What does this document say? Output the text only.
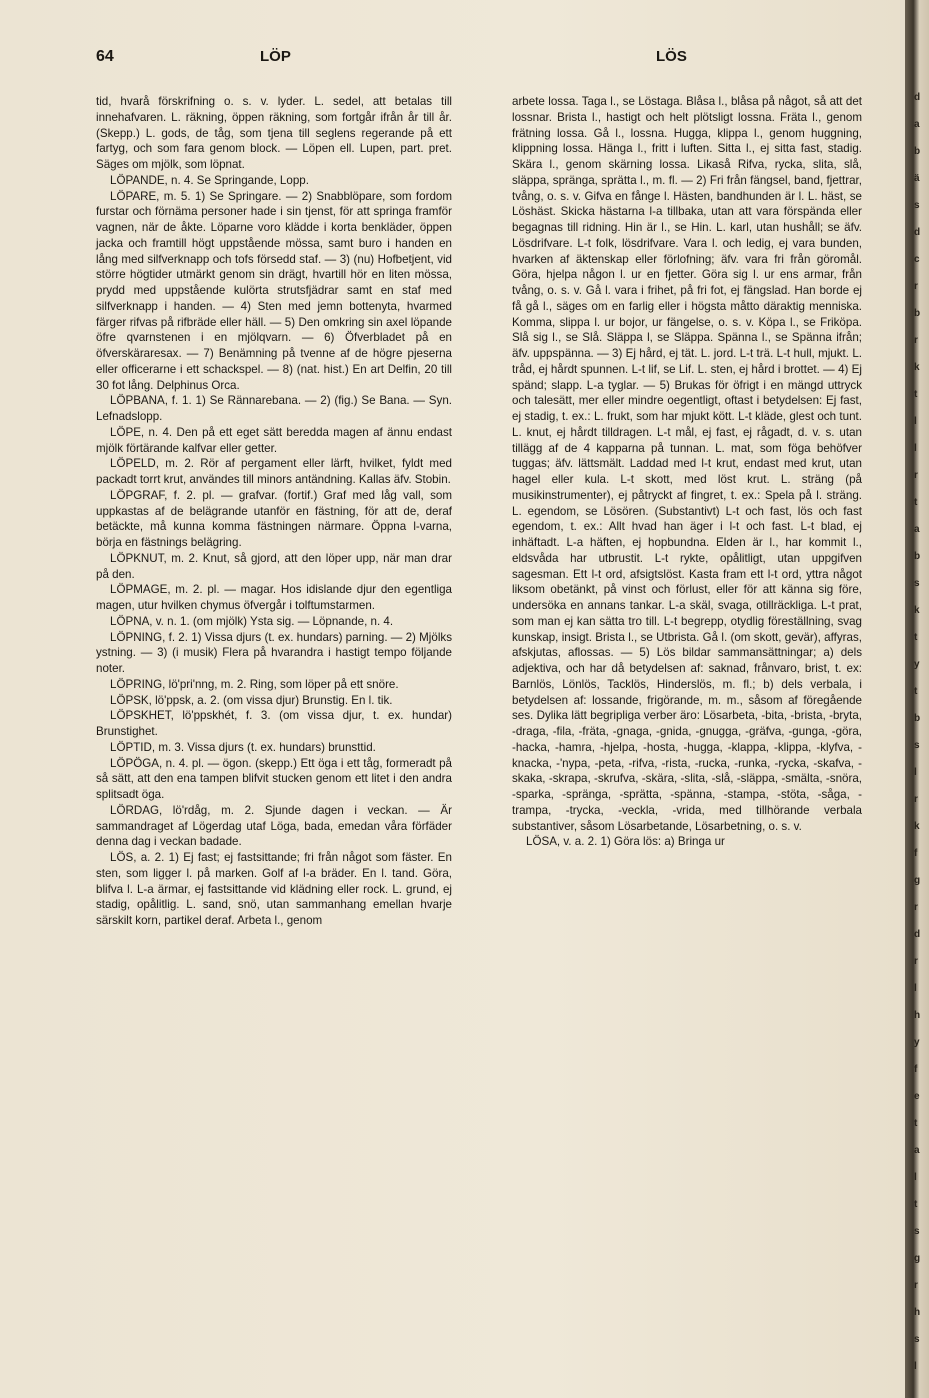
64	LÖP	LÖS

tid, hvarå förskrifning o. s. v. lyder. L. sedel, att betalas till innehafvaren. L. räkning, öppen räkning, som fortgår ifrån år till år. (Skepp.) L. gods, de tåg, som tjena till seglens regerande på ett fartyg, och som fara genom block. — Löpen ell. Lupen, part. pret. Säges om mjölk, som löpnat.

LÖPANDE, n. 4. Se Springande, Lopp.

LÖPARE, m. 5. 1) Se Springare. — 2) Snabblöpare, som fordom furstar och förnäma personer hade i sin tjenst, för att springa framför vagnen, när de åkte. Löparne voro klädde i korta benkläder, öppen jacka och framtill högt uppstående mössa, samt buro i handen en lång med silfverknapp och tofs försedd staf. — 3) (nu) Hofbetjent, vid större högtider utmärkt genom sin drägt, hvartill hör en liten mössa, prydd med uppstående kulörta strutsfjädrar samt en staf med silfverknapp i handen. — 4) Sten med jemn bottenyta, hvarmed färger rifvas på rifbräde eller häll. — 5) Den omkring sin axel löpande öfre qvarnstenen i en mjölqvarn. — 6) Öfverbladet på en öfverskäraresax. — 7) Benämning på tvenne af de högre pjeserna eller officerarne i ett schackspel. — 8) (nat. hist.) En art Delfin, 20 till 30 fot lång. Delphinus Orca.

LÖPBANA, f. 1. 1) Se Rännarebana. — 2) (fig.) Se Bana. — Syn. Lefnadslopp.

LÖPE, n. 4. Den på ett eget sätt beredda magen af ännu endast mjölk förtärande kalfvar eller getter.

LÖPELD, m. 2. Rör af pergament eller lärft, hvilket, fyldt med packadt torrt krut, användes till minors antändning. Kallas äfv. Stobin.

LÖPGRAF, f. 2. pl. — grafvar. (fortif.) Graf med låg vall, som uppkastas af de belägrande utanför en fästning, för att de, deraf betäckte, må kunna komma fästningen närmare. Öppna l-varna, börja en fästnings belägring.

LÖPKNUT, m. 2. Knut, så gjord, att den löper upp, när man drar på den.

LÖPMAGE, m. 2. pl. — magar. Hos idislande djur den egentliga magen, utur hvilken chymus öfvergår i tolftumstarmen.

LÖPNA, v. n. 1. (om mjölk) Ysta sig. — Löpnande, n. 4.

LÖPNING, f. 2. 1) Vissa djurs (t. ex. hundars) parning. — 2) Mjölks ystning. — 3) (i musik) Flera på hvarandra i hastigt tempo följande noter.

LÖPRING, lö'pri'nng, m. 2. Ring, som löper på ett snöre.

LÖPSK, lö'ppsk, a. 2. (om vissa djur) Brunstig. En l. tik.

LÖPSKHET, lö'ppskhét, f. 3. (om vissa djur, t. ex. hundar) Brunstighet.

LÖPTID, m. 3. Vissa djurs (t. ex. hundars) brunsttid.

LÖPÖGA, n. 4. pl. — ögon. (skepp.) Ett öga i ett tåg, formeradt på så sätt, att den ena tampen blifvit stucken genom ett litet i den andra splitsadt öga.

LÖRDAG, lö'rdåg, m. 2. Sjunde dagen i veckan. — Är sammandraget af Lögerdag utaf Löga, bada, emedan våra förfäder denna dag i veckan badade.

LÖS, a. 2. 1) Ej fast; ej fastsittande; fri från något som fäster. En sten, som ligger l. på marken. Golf af l-a bräder. En l. tand. Göra, blifva l. L-a ärmar, ej fastsittande vid klädning eller rock. L. grund, ej stadig, opålitlig. L. sand, snö, utan sammanhang emellan hvarje särskilt korn, partikel deraf. Arbeta l., genom

arbete lossa. Taga l., se Löstaga. Blåsa l., blåsa på något, så att det lossnar. Brista l., hastigt och helt plötsligt lossna. Fräta l., genom frätning lossa. Gå l., lossna. Hugga, klippa l., genom huggning, klippning lossa. Hänga l., fritt i luften. Sitta l., ej sitta fast, stadig. Skära l., genom skärning lossa. Likaså Rifva, rycka, slita, slå, släppa, spränga, sprätta l., m. fl. — 2) Fri från fängsel, band, fjettrar, tvång, o. s. v. Gifva en fånge l. Hästen, bandhunden är l. L. häst, se Löshäst. Skicka hästarna l-a tillbaka, utan att vara förspända eller begagnas till ridning. Hin är l., se Hin. L. karl, utan hushåll; se äfv. Lösdrifvare. L-t folk, lösdrifvare. Vara l. och ledig, ej vara bunden, hvarken af äktenskap eller förlofning; äfv. vara fri från göromål. Göra, hjelpa någon l. ur en fjetter. Göra sig l. ur ens armar, från tvång, o. s. v. Gå l. vara i frihet, på fri fot, ej fängslad. Han borde ej få gå l., säges om en farlig eller i högsta måtto däraktig menniska. Komma, slippa l. ur bojor, ur fängelse, o. s. v. Köpa l., se Friköpa. Slå sig l., se Slå. Släppa l, se Släppa. Spänna l., se Spänna ifrån; äfv. uppspänna. — 3) Ej hård, ej tät. L. jord. L-t trä. L-t hull, mjukt. L. tråd, ej hårdt spunnen. L-t lif, se Lif. L. sten, ej hård i brottet. — 4) Ej spänd; slapp. L-a tyglar. — 5) Brukas för öfrigt i en mängd uttryck och talesätt, mer eller mindre oegentligt, oftast i betydelsen: Ej fast, ej stadig, t. ex.: L. frukt, som har mjukt kött. L-t kläde, glest och tunt. L. knut, ej hårdt tilldragen. L-t mål, ej fast, ej rågadt, d. v. s. utan tillägg af de 4 kapparna på tunnan. L. mat, som föga behöfver tuggas; äfv. lättsmält. Laddad med l-t krut, endast med krut, utan hagel eller kula. L-t skott, med löst krut. L. sträng (på musikinstrumenter), ej påtryckt af fingret, t. ex.: Spela på l. sträng. L. egendom, se Lösören. (Substantivt) L-t och fast, lös och fast egendom, t. ex.: Allt hvad han äger i l-t och fast. L-t blad, ej inhäftadt. L-a häften, ej hopbundna. Elden är l., har kommit l., eldsvåda har utbrustit. L-t rykte, opålitligt, utan uppgifven sagesman. Ett l-t ord, afsigtslöst. Kasta fram ett l-t ord, yttra något liksom obetänkt, på vinst och förlust, eller för att känna sig före, undersöka en annans tankar. L-a skäl, svaga, otillräckliga. L-t prat, som man ej kan sätta tro till. L-t begrepp, otydlig föreställning, svag kunskap, insigt. Brista l., se Utbrista. Gå l. (om skott, gevär), affyras, afskjutas, aflossas. — 5) Lös bildar sammansättningar; a) dels adjektiva, och har då betydelsen af: saknad, frånvaro, brist, t. ex: Barnlös, Lönlös, Tacklös, Hinderslös, m. fl.; b) dels verbala, i betydelsen af: lossande, frigörande, m. m., såsom af föregående ses. Dylika lätt begripliga verber äro: Lösarbeta, -bita, -brista, -bryta, -draga, -fila, -fräta, -gnaga, -gnida, -gnugga, -gräfva, -gunga, -göra, -hacka, -hamra, -hjelpa, -hosta, -hugga, -klappa, -klippa, -klyfva, -knacka, -'nypa, -peta, -rifva, -rista, -rucka, -runka, -rycka, -skafva, -skaka, -skrapa, -skrufva, -skära, -slita, -slå, -släppa, -smälta, -snöra, -sparka, -spränga, -sprätta, -spänna, -stampa, -stöta, -såga, -trampa, -trycka, -veckla, -vrida, med tillhörande verbala substantiver, såsom Lösarbetande, Lösarbetning, o. s. v.

LÖSA, v. a. 2. 1) Göra lös: a) Bringa ur

d
a
b
ä
s
d
c
r
b
r
k
t
l
l
r
t
a
b
s
k
t
y
t
b
s
l
r
k
f
g
r
d
r
l
h
y
f
e
t
a
l
t
s
g
r
h
s
l
